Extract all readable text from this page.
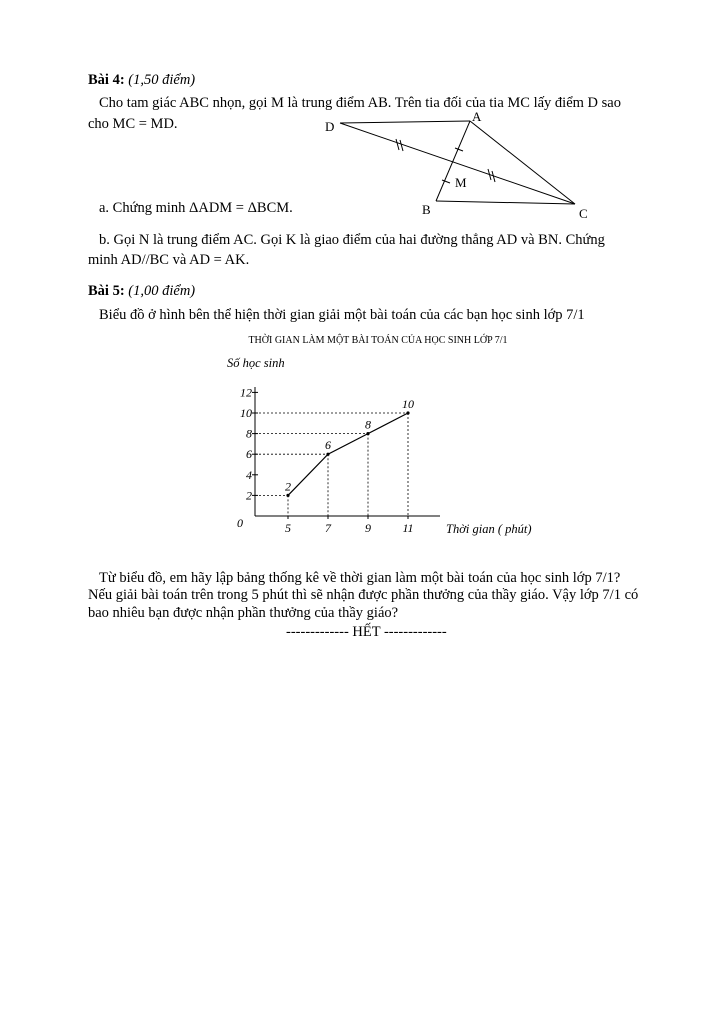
Bài 4: (1,50 điểm)
Cho tam giác ABC nhọn, gọi M là trung điểm AB. Trên tia đối của tia MC lấy điểm D sao
cho MC = MD.	A
D
M
B	C
a. Chứng minh ΔADM = ΔBCM.
b. Gọi N là trung điểm AC. Gọi K là giao điểm của hai đường thẳng AD và BN. Chứng
minh AD//BC và AD = AK.
Bài 5: (1,00 điểm)
Biểu đồ ở hình bên thể hiện thời gian giải một bài toán của các bạn học sinh lớp 7/1
THỜI GIAN LÀM MỘT BÀI TOÁN CỦA HỌC SINH LỚP 7/1
Số học sinh
0	Thời gian ( phút)
2
4
6
8
10
12
5	7	9	11
2
6
8
10
Từ biểu đồ, em hãy lập bảng thống kê về thời gian làm một bài toán của học sinh lớp 7/1?
Nếu giải bài toán trên trong 5 phút thì sẽ nhận được phần thưởng của thầy giáo. Vậy lớp 7/1 có
bao nhiêu bạn được nhận phần thưởng của thầy giáo?
------------- HẾT -------------
